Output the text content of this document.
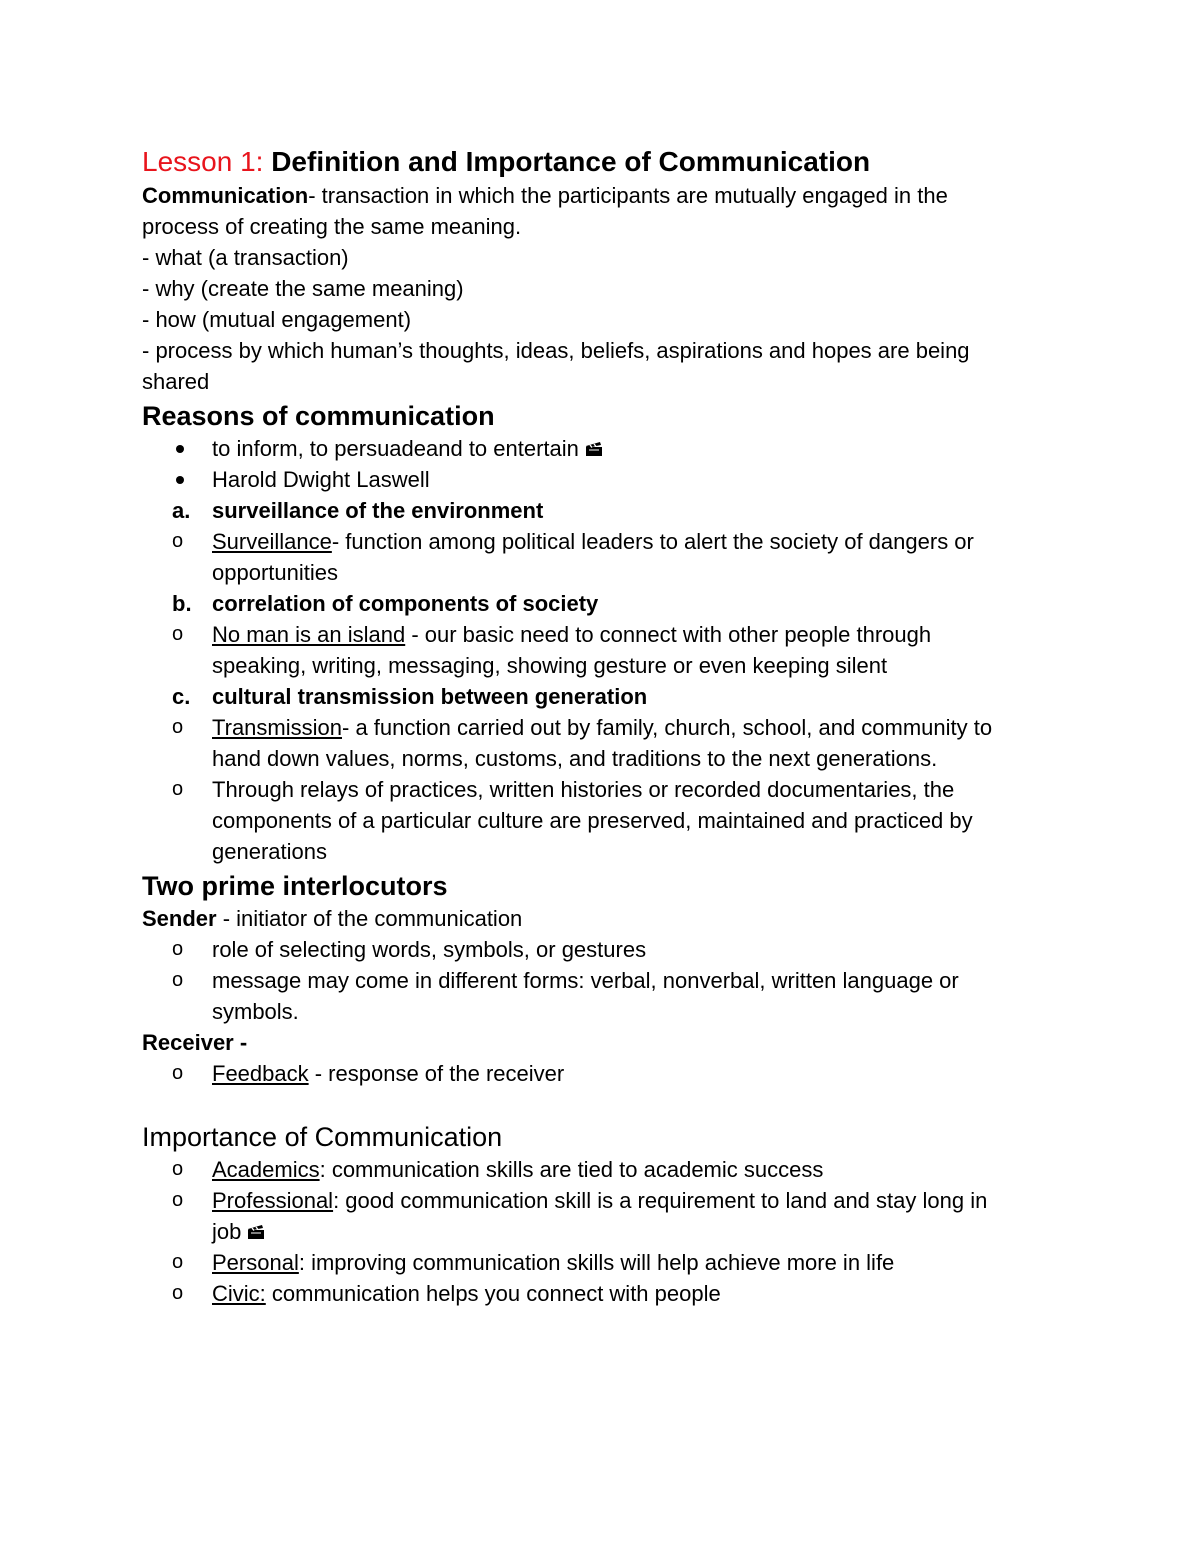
Lesson 1: Definition and Importance of Communication
Communication- transaction in which the participants are mutually engaged in the
process of creating the same meaning.
- what (a transaction)
- why (create the same meaning)
- how (mutual engagement)
- process by which human’s thoughts, ideas, beliefs, aspirations and hopes are being
shared
Reasons of communication
to inform, to persuadeand to entertain
Harold Dwight Laswell
a. surveillance of the environment
o	Surveillance- function among political leaders to alert the society of dangers or
opportunities
b. correlation of components of society
o	No man is an island - our basic need to connect with other people through
speaking, writing, messaging, showing gesture or even keeping silent
c. cultural transmission between generation
o	Transmission- a function carried out by family, church, school, and community to
hand down values, norms, customs, and traditions to the next generations.
o	Through relays of practices, written histories or recorded documentaries, the
components of a particular culture are preserved, maintained and practiced by
generations
Two prime interlocutors
Sender - initiator of the communication
o	role of selecting words, symbols, or gestures
o	message may come in different forms: verbal, nonverbal, written language or
symbols.
Receiver -
o	Feedback - response of the receiver
Importance of Communication
o	Academics: communication skills are tied to academic success
o	Professional: good communication skill is a requirement to land and stay long in
job
o	Personal: improving communication skills will help achieve more in life
o	Civic: communication helps you connect with people
